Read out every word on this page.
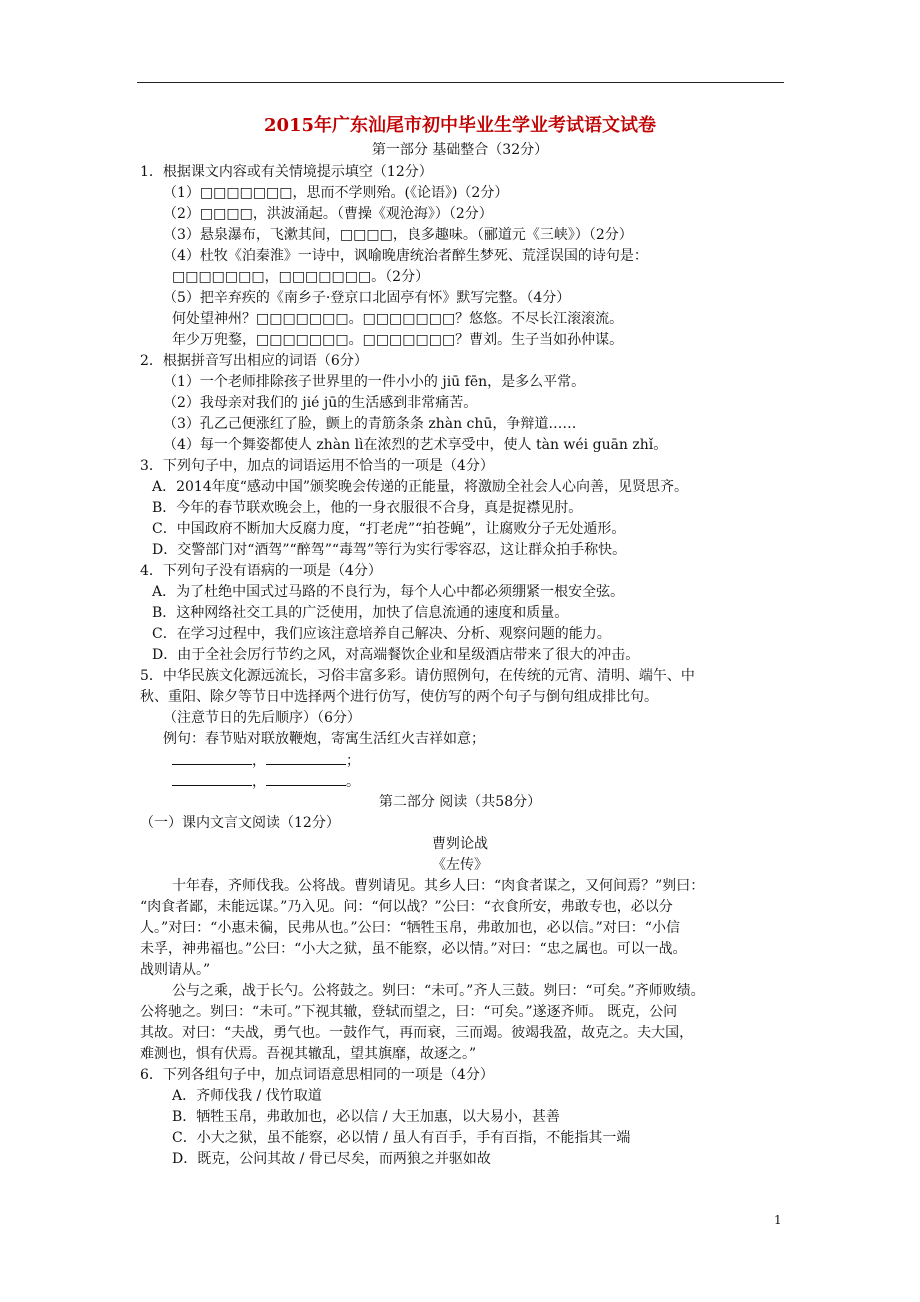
2015年广东汕尾市初中毕业生学业考试语文试卷
第一部分 基础整合（32分）
1．根据课文内容或有关情境提示填空（12分）
（1）□□□□□□□，思而不学则殆。(《论语》)（2分）
（2）□□□□，洪波涌起。（曹操《观沧海》）（2分）
（3）悬泉瀑布，飞漱其间，□□□□，良多趣味。（郦道元《三峡》）（2分）
（4）杜牧《泊秦淮》一诗中，讽喻晚唐统治者醉生梦死、荒淫误国的诗句是：
□□□□□□□，□□□□□□□。（2分）
（5）把辛弃疾的《南乡子·登京口北固亭有怀》默写完整。（4分）
何处望神州？□□□□□□□。□□□□□□□？悠悠。不尽长江滚滚流。
年少万兜鍪，□□□□□□□。□□□□□□□？曹刘。生子当如孙仲谋。
2．根据拼音写出相应的词语（6分）
（1）一个老师排除孩子世界里的一件小小的 jiū fēn，是多么平常。
（2）我母亲对我们的 jié jū的生活感到非常痛苦。
（3）孔乙己便涨红了脸，颤上的青筋条条 zhàn chū，争辩道……
（4）每一个舞姿都使人 zhàn lì在浓烈的艺术享受中，使人 tàn wéi guān zhǐ。
3．下列句子中，加点的词语运用不恰当的一项是（4分）
A．2014年度“感动中国”颁奖晚会传递的正能量，将激励全社会人心向善，见贤思齐。
B．今年的春节联欢晚会上，他的一身衣服很不合身，真是捉襟见肘。
C．中国政府不断加大反腐力度，“打老虎”“拍苍蝇”，让腐败分子无处遁形。
D．交警部门对“酒驾”“醉驾”“毒驾”等行为实行零容忍，这让群众拍手称快。
4．下列句子没有语病的一项是（4分）
A．为了杜绝中国式过马路的不良行为，每个人心中都必须绷紧一根安全弦。
B．这种网络社交工具的广泛使用，加快了信息流通的速度和质量。
C．在学习过程中，我们应该注意培养自己解决、分析、观察问题的能力。
D．由于全社会厉行节约之风，对高端餐饮企业和星级酒店带来了很大的冲击。
5．中华民族文化源远流长，习俗丰富多彩。请仿照例句，在传统的元宵、清明、端午、中
秋、重阳、除夕等节日中选择两个进行仿写，使仿写的两个句子与倒句组成排比句。
（注意节日的先后顺序）（6分）
例句：春节贴对联放鞭炮，寄寓生活红火吉祥如意；
，	；
，	。
第二部分 阅读（共58分）
（一）课内文言文阅读（12分）
曹刿论战
《左传》
十年春，齐师伐我。公将战。曹刿请见。其乡人曰：“肉食者谋之，又何间焉？”刿曰：
“肉食者鄙，未能远谋。”乃入见。问：“何以战？”公曰：“衣食所安，弗敢专也，必以分
人。”对曰：“小惠未徧，民弗从也。”公曰：“牺牲玉帛，弗敢加也，必以信。”对曰：“小信
未孚，神弗福也。”公曰：“小大之狱，虽不能察，必以情。”对曰：“忠之属也。可以一战。
战则请从。”
公与之乘，战于长勺。公将鼓之。刿曰：“未可。”齐人三鼓。刿曰：“可矣。”齐师败绩。
公将驰之。刿曰：“未可。”下视其辙，登轼而望之，曰：“可矣。”遂逐齐师。 既克，公问
其故。对曰：“夫战，勇气也。一鼓作气，再而衰，三而竭。彼竭我盈，故克之。夫大国，
难测也，惧有伏焉。吾视其辙乱，望其旗靡，故逐之。”
6．下列各组句子中，加点词语意思相同的一项是（4分）
A．齐师伐我 / 伐竹取道
B．牺牲玉帛，弗敢加也，必以信 / 大王加惠，以大易小，甚善
C．小大之狱，虽不能察，必以情 / 虽人有百手，手有百指，不能指其一端
D．既克，公问其故 / 骨已尽矣，而两狼之并驱如故
1
